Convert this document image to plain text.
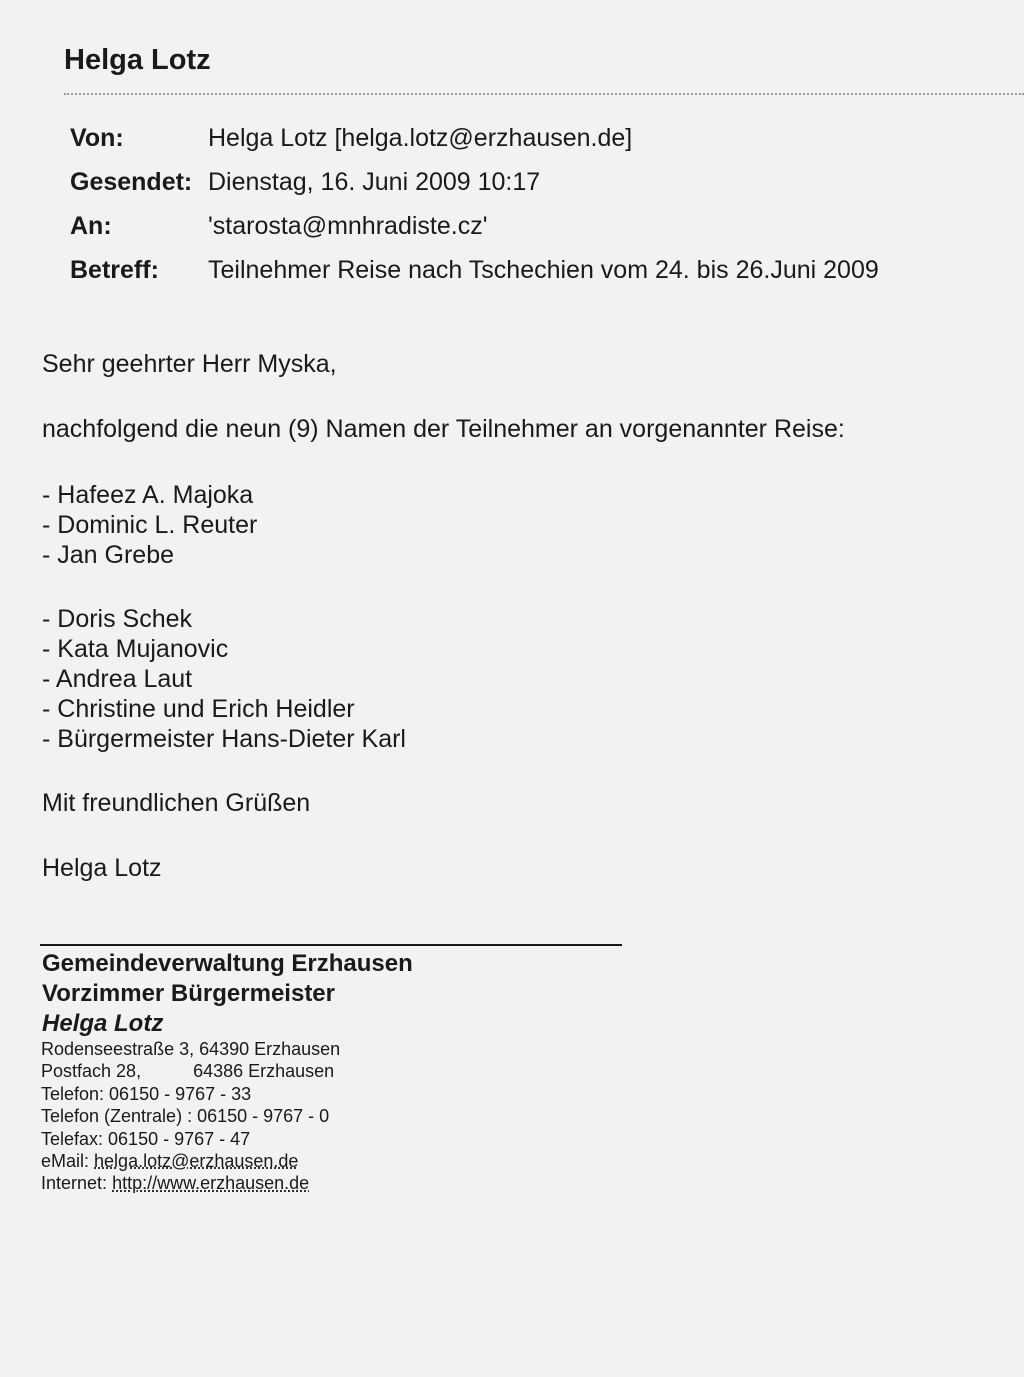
Helga Lotz
Von:	Helga Lotz [helga.lotz@erzhausen.de]
Gesendet: Dienstag, 16. Juni 2009 10:17
An:	'starosta@mnhradiste.cz'
Betreff:	Teilnehmer Reise nach Tschechien vom 24. bis 26.Juni 2009

Sehr geehrter Herr Myska,

nachfolgend die neun (9) Namen der Teilnehmer an vorgenannter Reise:

- Hafeez A. Majoka
- Dominic L. Reuter
- Jan Grebe
- Doris Schek
- Kata Mujanovic
- Andrea Laut
- Christine und Erich Heidler
- Bürgermeister Hans-Dieter Karl

Mit freundlichen Grüßen

Helga Lotz

Gemeindeverwaltung Erzhausen
Vorzimmer Bürgermeister
Helga Lotz
Rodenseestraße 3, 64390 Erzhausen
Postfach 28,	64386 Erzhausen
Telefon: 06150 - 9767 - 33
Telefon (Zentrale) : 06150 - 9767 - 0
Telefax: 06150 - 9767 - 47
eMail: helga.lotz@erzhausen.de
Internet: http://www.erzhausen.de
